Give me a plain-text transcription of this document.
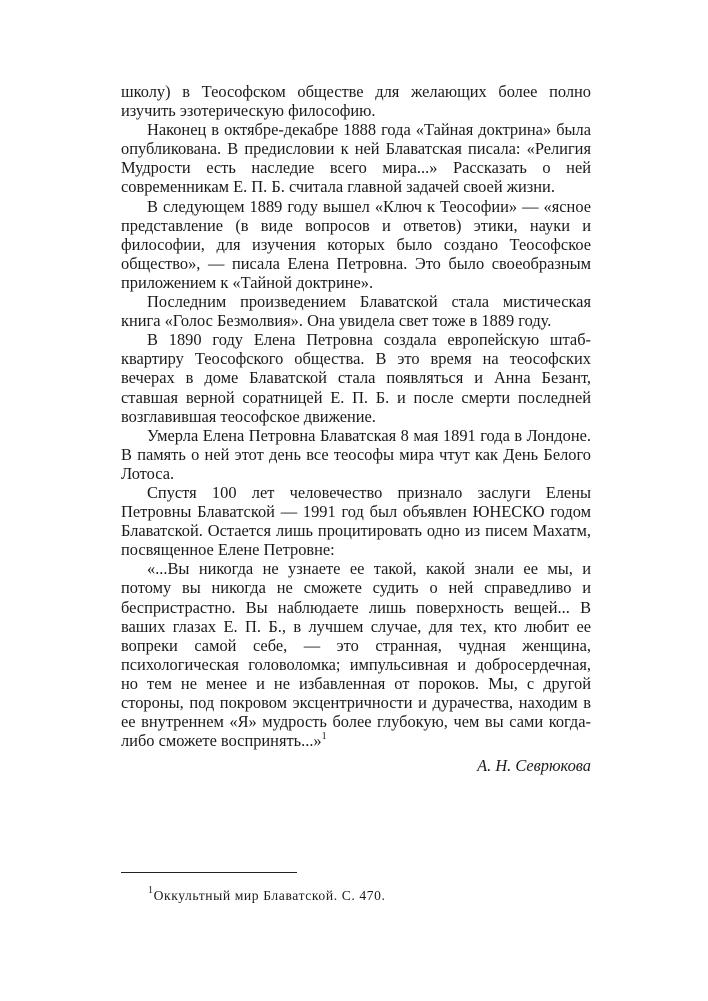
школу) в Теософском обществе для желающих более полно изучить эзотерическую философию.

Наконец в октябре-декабре 1888 года «Тайная доктрина» была опубликована. В предисловии к ней Блаватская писала: «Религия Мудрости есть наследие всего мира...» Рассказать о ней современникам Е. П. Б. считала главной задачей своей жизни.

В следующем 1889 году вышел «Ключ к Теософии» — «ясное представление (в виде вопросов и ответов) этики, науки и философии, для изучения которых было создано Теософское общество», — писала Елена Петровна. Это было своеобразным приложением к «Тайной доктрине».

Последним произведением Блаватской стала мистическая книга «Голос Безмолвия». Она увидела свет тоже в 1889 году.

В 1890 году Елена Петровна создала европейскую штаб-квартиру Теософского общества. В это время на теософских вечерах в доме Блаватской стала появляться и Анна Безант, ставшая верной соратницей Е. П. Б. и после смерти последней возглавившая теософское движение.

Умерла Елена Петровна Блаватская 8 мая 1891 года в Лондоне. В память о ней этот день все теософы мира чтут как День Белого Лотоса.

Спустя 100 лет человечество признало заслуги Елены Петровны Блаватской — 1991 год был объявлен ЮНЕСКО годом Блаватской. Остается лишь процитировать одно из писем Махатм, посвященное Елене Петровне:

«...Вы никогда не узнаете ее такой, какой знали ее мы, и потому вы никогда не сможете судить о ней справедливо и беспристрастно. Вы наблюдаете лишь поверхность вещей... В ваших глазах Е. П. Б., в лучшем случае, для тех, кто любит ее вопреки самой себе, — это странная, чудная женщина, психологическая головоломка; импульсивная и добросердечная, но тем не менее и не избавленная от пороков. Мы, с другой стороны, под покровом эксцентричности и дурачества, находим в ее внутреннем «Я» мудрость более глубокую, чем вы сами когда-либо сможете воспринять...»$^1$

А. Н. Севрюкова
$^1$Оккультный мир Блаватской. С. 470.
